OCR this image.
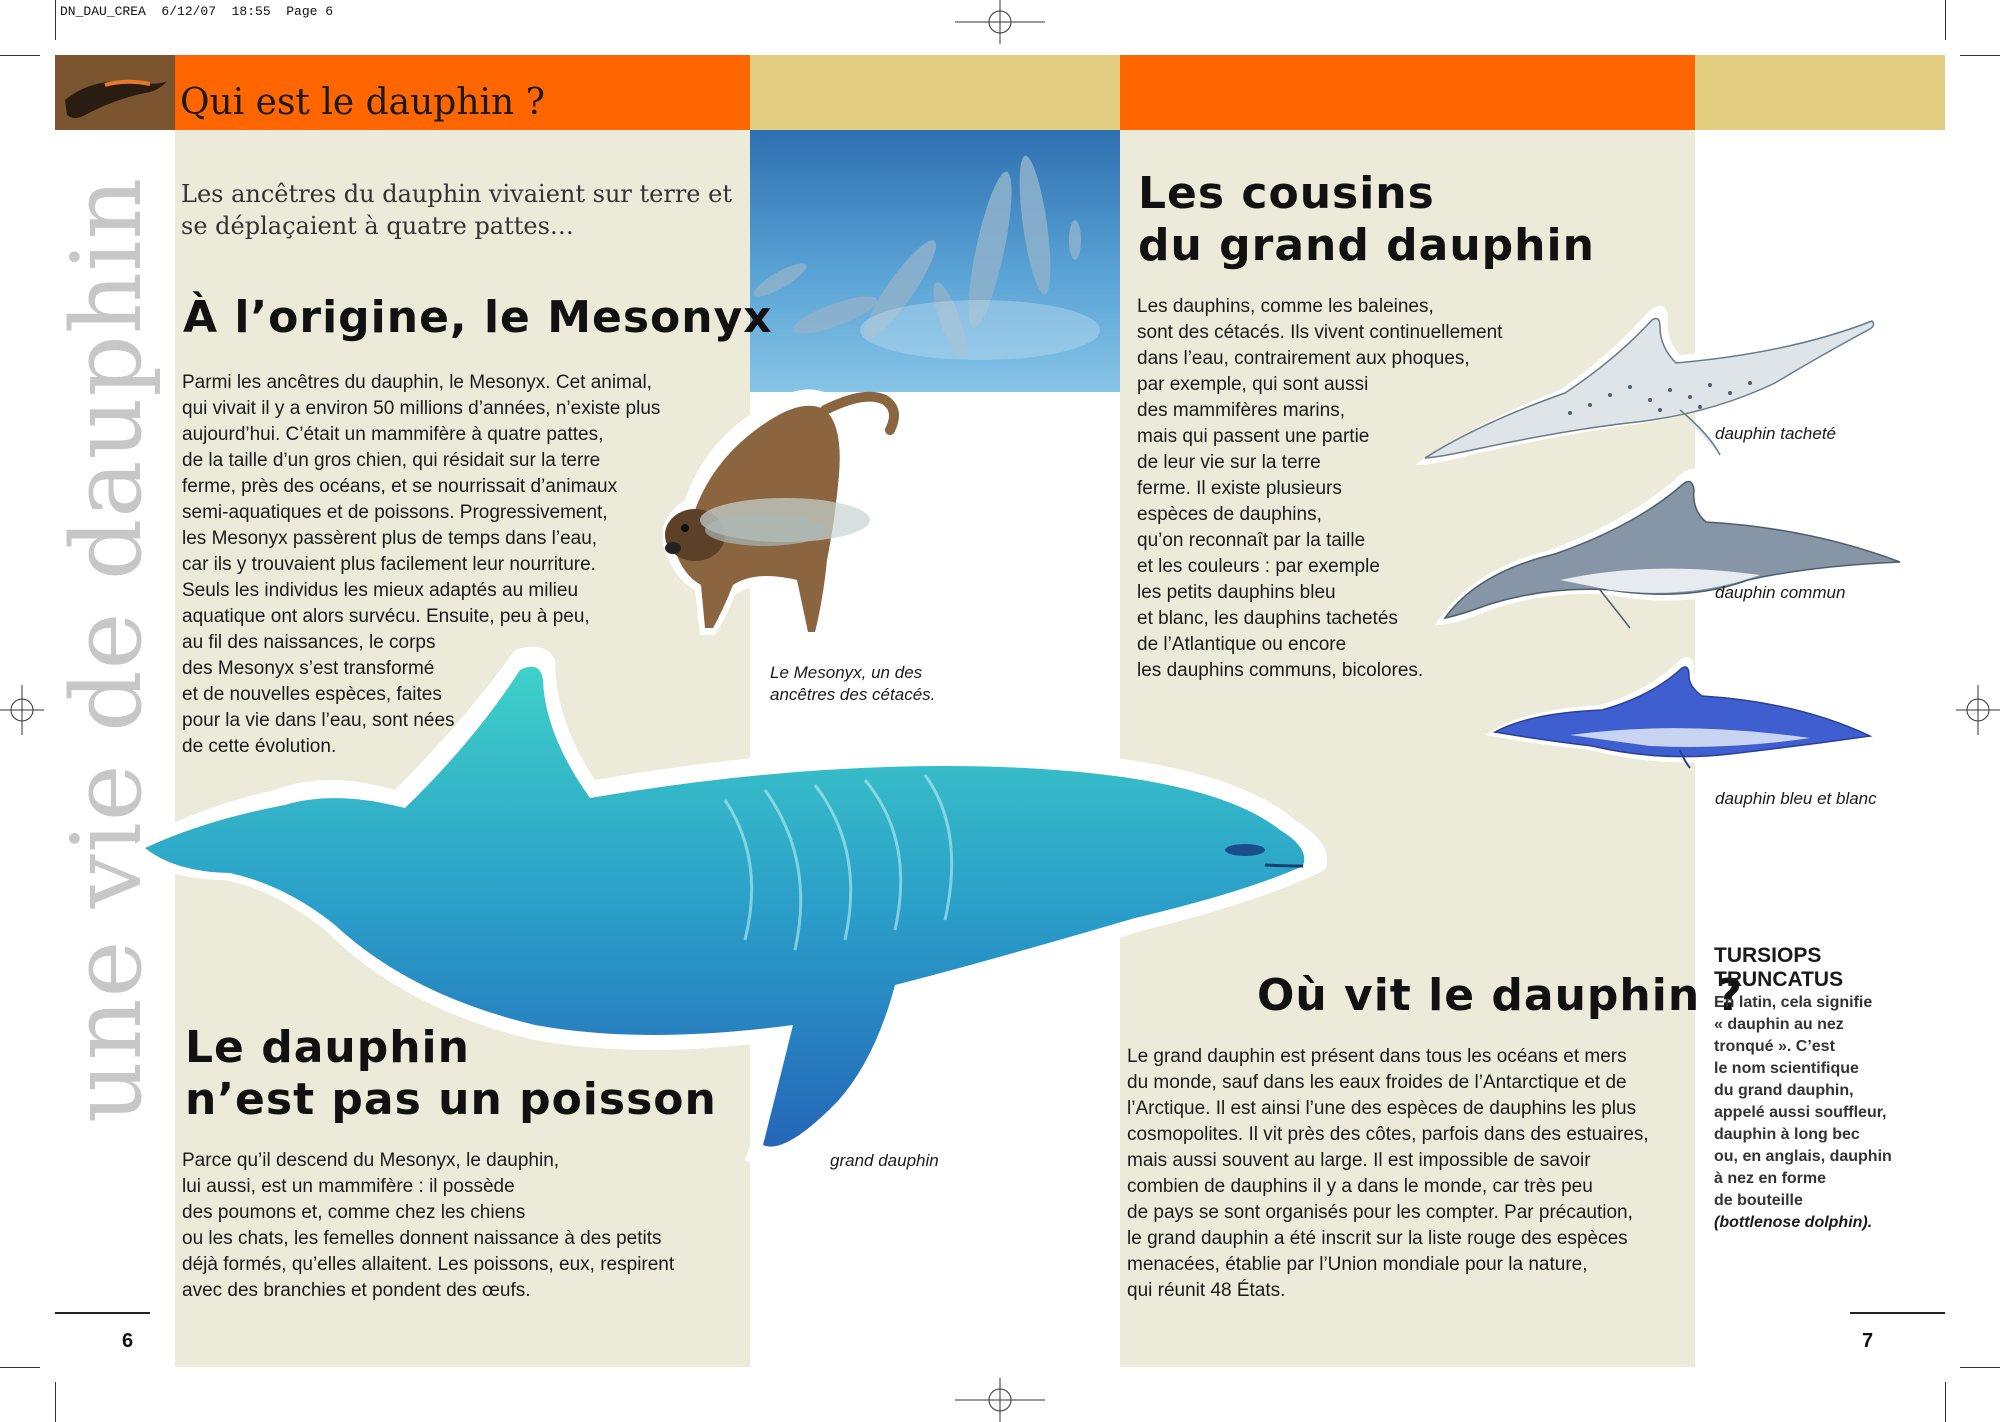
DN_DAU_CREA  6/12/07  18:55  Page 6
Qui est le dauphin ?
une vie de dauphin Les ancêtres du dauphin vivaient sur terre et se déplaçaient à quatre pattes…
À l’origine, le Mesonyx
Parmi les ancêtres du dauphin, le Mesonyx. Cet animal,
qui vivait il y a environ 50 millions d’années, n’existe plus
aujourd’hui. C’était un mammifère à quatre pattes,
de la taille d’un gros chien, qui résidait sur la terre
ferme, près des océans, et se nourrissait d’animaux
semi-aquatiques et de poissons. Progressivement,
les Mesonyx passèrent plus de temps dans l’eau,
car ils y trouvaient plus facilement leur nourriture.
Seuls les individus les mieux adaptés au milieu
aquatique ont alors survécu. Ensuite, peu à peu,
au fil des naissances, le corps
des Mesonyx s’est transformé
et de nouvelles espèces, faites
pour la vie dans l’eau, sont nées
de cette évolution.
Le Mesonyx, un des
ancêtres des cétacés.
grand dauphin
Le dauphin
n’est pas un poisson
Parce qu’il descend du Mesonyx, le dauphin,
lui aussi, est un mammifère : il possède
des poumons et, comme chez les chiens
ou les chats, les femelles donnent naissance à des petits
déjà formés, qu’elles allaitent. Les poissons, eux, respirent
avec des branchies et pondent des œufs.
6
Les cousins
du grand dauphin
Les dauphins, comme les baleines,
sont des cétacés. Ils vivent continuellement
dans l’eau, contrairement aux phoques,
par exemple, qui sont aussi
des mammifères marins,
mais qui passent une partie
de leur vie sur la terre
ferme. Il existe plusieurs
espèces de dauphins,
qu’on reconnaît par la taille
et les couleurs : par exemple
les petits dauphins bleu
et blanc, les dauphins tachetés
de l’Atlantique ou encore
les dauphins communs, bicolores.
dauphin tacheté
dauphin commun
dauphin bleu et blanc
Où vit le dauphin ?
Le grand dauphin est présent dans tous les océans et mers
du monde, sauf dans les eaux froides de l’Antarctique et de
l’Arctique. Il est ainsi l’une des espèces de dauphins les plus
cosmopolites. Il vit près des côtes, parfois dans des estuaires,
mais aussi souvent au large. Il est impossible de savoir
combien de dauphins il y a dans le monde, car très peu
de pays se sont organisés pour les compter. Par précaution,
le grand dauphin a été inscrit sur la liste rouge des espèces
menacées, établie par l’Union mondiale pour la nature,
qui réunit 48 États.
TURSIOPS
TRUNCATUS
En latin, cela signifie
« dauphin au nez
tronqué ». C’est
le nom scientifique
du grand dauphin,
appelé aussi souffleur,
dauphin à long bec
ou, en anglais, dauphin
à nez en forme
de bouteille
(bottlenose dolphin).
7
